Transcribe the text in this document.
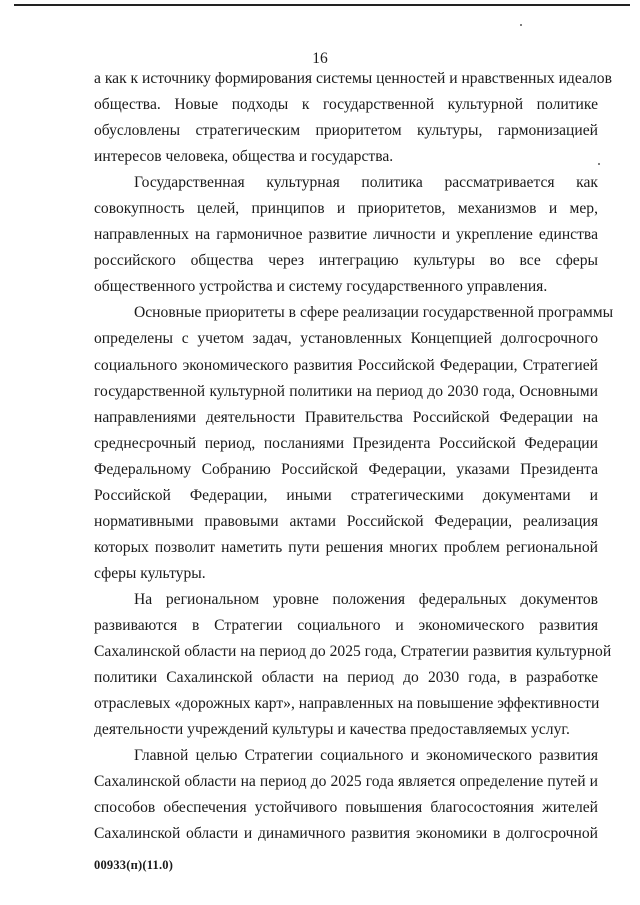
16

а как к источнику формирования системы ценностей и нравственных идеалов
общества. Новые подходы к государственной культурной политике
обусловлены стратегическим приоритетом культуры, гармонизацией
интересов человека, общества и государства.

Государственная культурная политика рассматривается как
совокупность целей, принципов и приоритетов, механизмов и мер,
направленных на гармоничное развитие личности и укрепление единства
российского общества через интеграцию культуры во все сферы
общественного устройства и систему государственного управления.

Основные приоритеты в сфере реализации государственной программы
определены с учетом задач, установленных Концепцией долгосрочного
социального экономического развития Российской Федерации, Стратегией
государственной культурной политики на период до 2030 года, Основными
направлениями деятельности Правительства Российской Федерации на
среднесрочный период, посланиями Президента Российской Федерации
Федеральному Собранию Российской Федерации, указами Президента
Российской Федерации, иными стратегическими документами и
нормативными правовыми актами Российской Федерации, реализация
которых позволит наметить пути решения многих проблем региональной
сферы культуры.

На региональном уровне положения федеральных документов
развиваются в Стратегии социального и экономического развития
Сахалинской области на период до 2025 года, Стратегии развития культурной
политики Сахалинской области на период до 2030 года, в разработке
отраслевых «дорожных карт», направленных на повышение эффективности
деятельности учреждений культуры и качества предоставляемых услуг.

Главной целью Стратегии социального и экономического развития
Сахалинской области на период до 2025 года является определение путей и
способов обеспечения устойчивого повышения благосостояния жителей
Сахалинской области и динамичного развития экономики в долгосрочной

00933(п)(11.0)
